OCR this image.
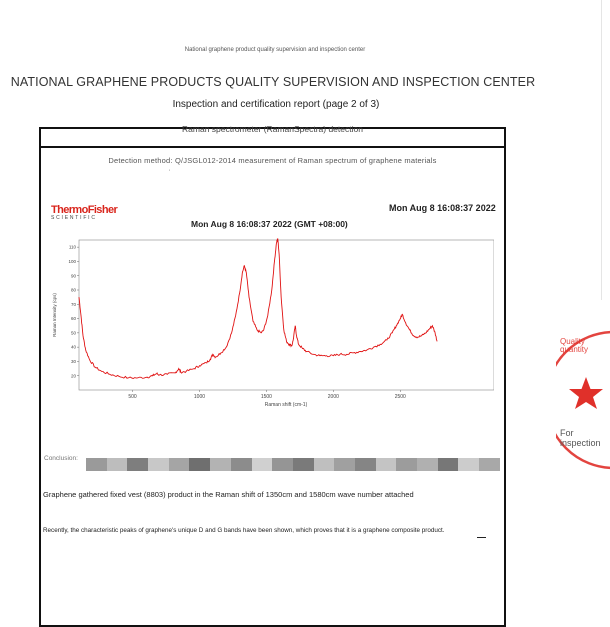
National graphene product quality supervision and inspection center
NATIONAL GRAPHENE PRODUCTS QUALITY SUPERVISION AND INSPECTION CENTER
Inspection and certification report (page 2 of 3)
Raman spectrometer (RamanSpectra) detection
Detection method: Q/JSGL012-2014 measurement of Raman spectrum of graphene materials
'
ThermoFisher
SCIENTIFIC
Mon Aug 8 16:08:37 2022
Mon Aug 8 16:08:37 2022 (GMT +08:00)
20
30
40
50
60
70
80
90
100
110
500	1000	1500	2000	2500
Raman Intensity (cps)
Raman shift (cm-1)
Conclusion:
Graphene gathered fixed vest (8803) product in the Raman shift of 1350cm and 1580cm wave number attached
Recently, the characteristic peaks of graphene's unique D and G bands have been shown, which proves that it is a graphene composite product.
Quality quantity
For inspection
